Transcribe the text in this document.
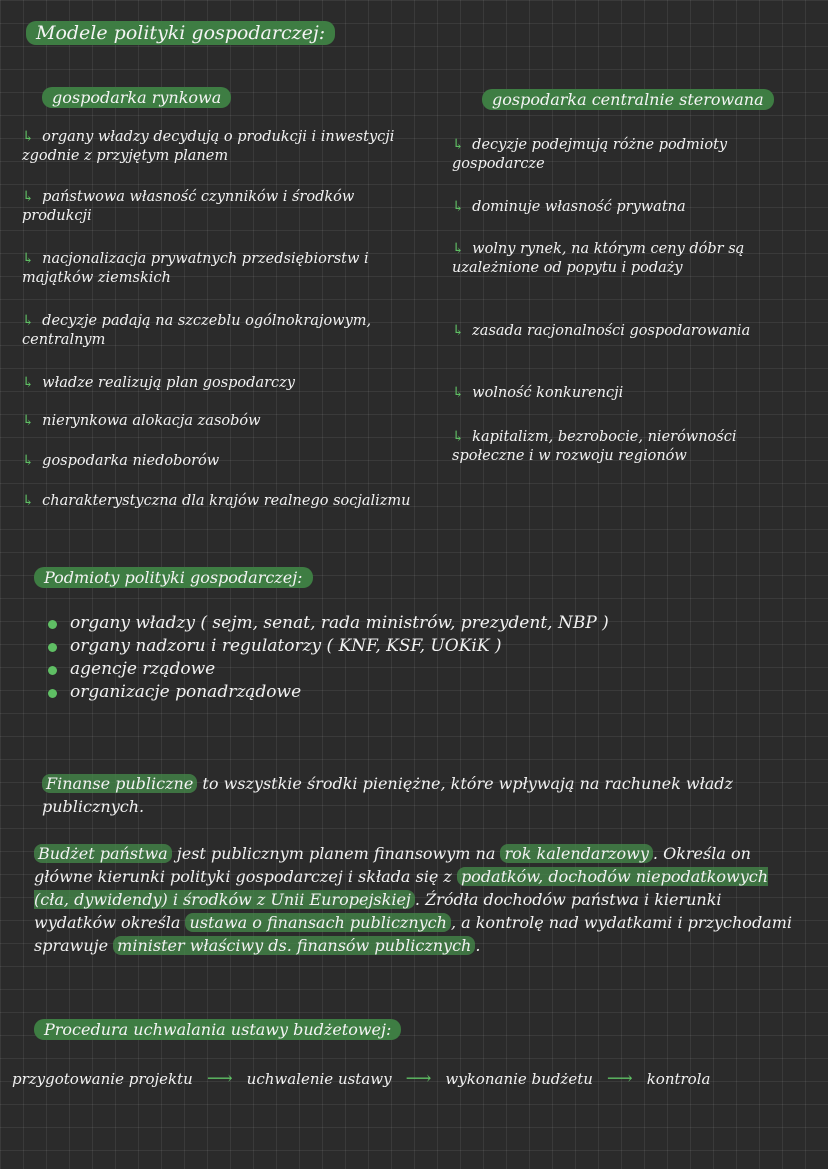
Modele polityki gospodarczej:
gospodarka rynkowa
↳ organy władzy decydują o produkcji i inwestycji zgodnie z przyjętym planem
↳ państwowa własność czynników i środków produkcji
↳ nacjonalizacja prywatnych przedsiębiorstw i majątków ziemskich
↳ decyzje padają na szczeblu ogólnokrajowym, centralnym
↳ władze realizują plan gospodarczy
↳ nierynkowa alokacja zasobów
↳ gospodarka niedoborów
↳ charakterystyczna dla krajów realnego socjalizmu
gospodarka centralnie sterowana
↳ decyzje podejmują różne podmioty gospodarcze
↳ dominuje własność prywatna
↳ wolny rynek, na którym ceny dóbr są uzależnione od popytu i podaży
↳ zasada racjonalności gospodarowania
↳ wolność konkurencji
↳ kapitalizm, bezrobocie, nierówności społeczne i w rozwoju regionów
Podmioty polityki gospodarczej:
organy władzy ( sejm, senat, rada ministrów, prezydent, NBP )
organy nadzoru i regulatorzy ( KNF, KSF, UOKiK )
agencje rządowe
organizacje ponadrządowe
Finanse publiczne to wszystkie środki pieniężne, które wpływają na rachunek władz publicznych.
Budżet państwa jest publicznym planem finansowym na rok kalendarzowy . Określa on główne kierunki polityki gospodarczej i składa się z podatków, dochodów niepodatkowych (cła, dywidendy) i środków z Unii Europejskiej . Źródła dochodów państwa i kierunki wydatków określa ustawa o finansach publicznych , a kontrolę nad wydatkami i przychodami sprawuje minister właściwy ds. finansów publicznych .
Procedura uchwalania ustawy budżetowej:
przygotowanie projektu ⟶ uchwalenie ustawy ⟶ wykonanie budżetu ⟶ kontrola
